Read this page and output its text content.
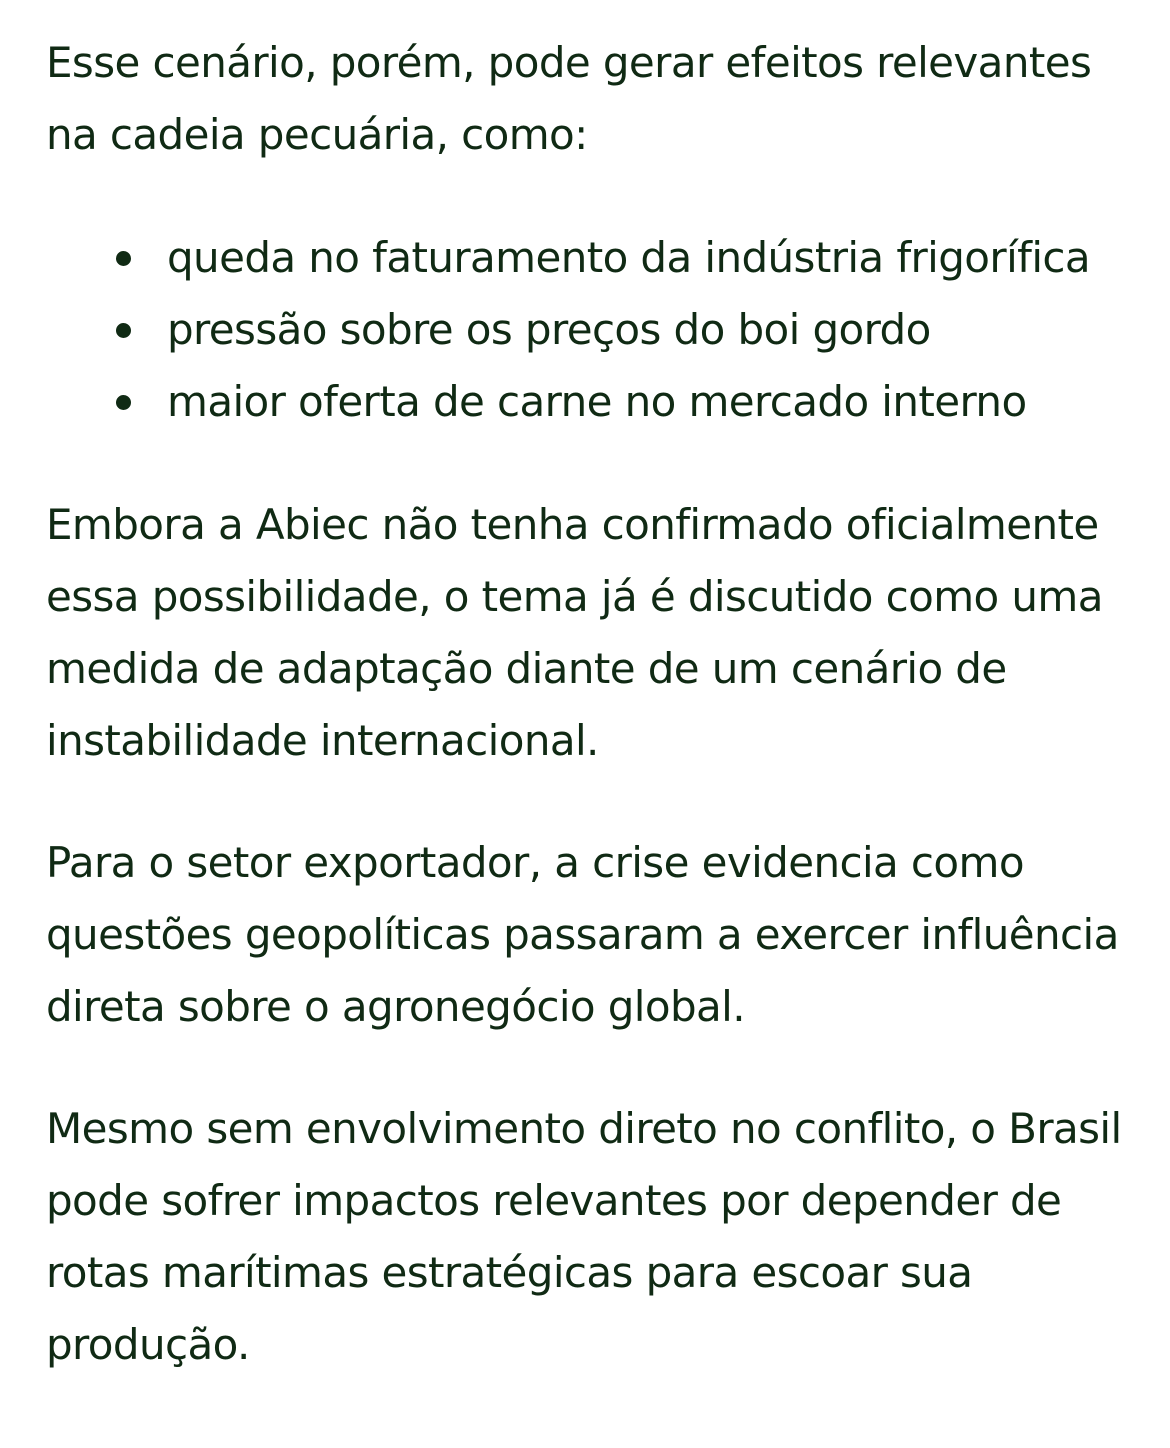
Esse cenário, porém, pode gerar efeitos relevantes na cadeia pecuária, como:

queda no faturamento da indústria frigorífica
pressão sobre os preços do boi gordo
maior oferta de carne no mercado interno

Embora a Abiec não tenha confirmado oficialmente essa possibilidade, o tema já é discutido como uma medida de adaptação diante de um cenário de instabilidade internacional.

Para o setor exportador, a crise evidencia como questões geopolíticas passaram a exercer influência direta sobre o agronegócio global.

Mesmo sem envolvimento direto no conflito, o Brasil pode sofrer impactos relevantes por depender de rotas marítimas estratégicas para escoar sua produção.
